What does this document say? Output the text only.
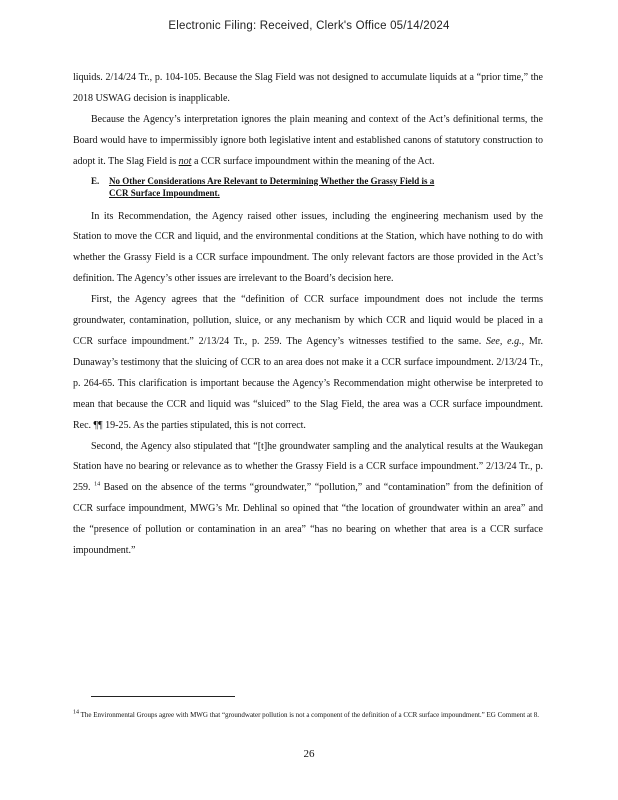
Electronic Filing: Received, Clerk's Office 05/14/2024

liquids. 2/14/24 Tr., p. 104-105. Because the Slag Field was not designed to accumulate liquids at a “prior time,” the 2018 USWAG decision is inapplicable.

Because the Agency’s interpretation ignores the plain meaning and context of the Act’s definitional terms, the Board would have to impermissibly ignore both legislative intent and established canons of statutory construction to adopt it. The Slag Field is not a CCR surface impoundment within the meaning of the Act.

E. No Other Considerations Are Relevant to Determining Whether the Grassy Field is a
CCR Surface Impoundment.

In its Recommendation, the Agency raised other issues, including the engineering mechanism used by the Station to move the CCR and liquid, and the environmental conditions at the Station, which have nothing to do with whether the Grassy Field is a CCR surface impoundment. The only relevant factors are those provided in the Act’s definition. The Agency’s other issues are irrelevant to the Board’s decision here.

First, the Agency agrees that the “definition of CCR surface impoundment does not include the terms groundwater, contamination, pollution, sluice, or any mechanism by which CCR and liquid would be placed in a CCR surface impoundment.” 2/13/24 Tr., p. 259. The Agency’s witnesses testified to the same. See, e.g., Mr. Dunaway’s testimony that the sluicing of CCR to an area does not make it a CCR surface impoundment. 2/13/24 Tr., p. 264-65. This clarification is important because the Agency’s Recommendation might otherwise be interpreted to mean that because the CCR and liquid was “sluiced” to the Slag Field, the area was a CCR surface impoundment. Rec. ¶¶ 19-25. As the parties stipulated, this is not correct.

Second, the Agency also stipulated that “[t]he groundwater sampling and the analytical results at the Waukegan Station have no bearing or relevance as to whether the Grassy Field is a CCR surface impoundment.” 2/13/24 Tr., p. 259. $^{14}$ Based on the absence of the terms “groundwater,” “pollution,” and “contamination” from the definition of CCR surface impoundment, MWG’s Mr. Dehlinal so opined that “the location of groundwater within an area” and the “presence of pollution or contamination in an area” “has no bearing on whether that area is a CCR surface impoundment.”

14 The Environmental Groups agree with MWG that “groundwater pollution is not a component of the definition of a CCR surface impoundment.” EG Comment at 8.
26
